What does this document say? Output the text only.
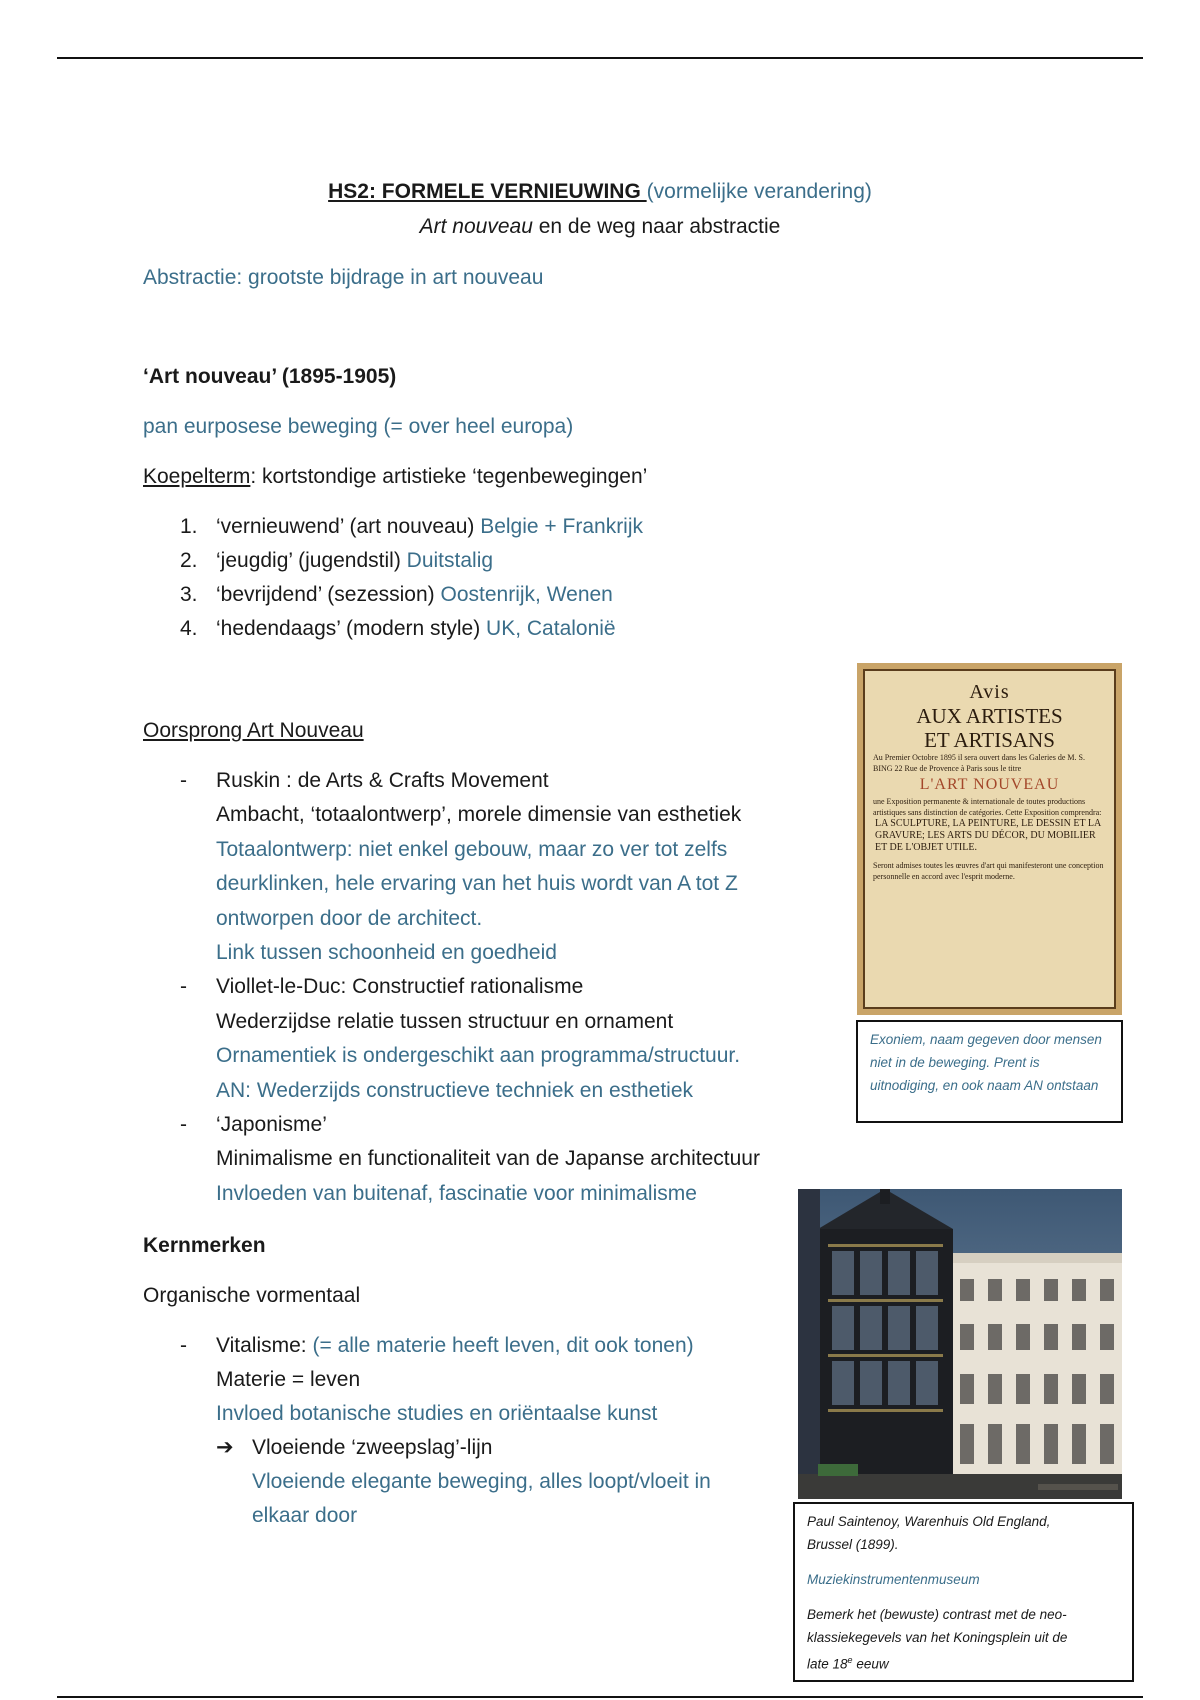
HS2: FORMELE VERNIEUWING (vormelijke verandering)
Art nouveau en de weg naar abstractie
Abstractie: grootste bijdrage in art nouveau
‘Art nouveau’ (1895-1905)
pan eurposese beweging (= over heel europa)
Koepelterm: kortstondige artistieke ‘tegenbewegingen’
1. ‘vernieuwend’ (art nouveau) Belgie + Frankrijk
2. ‘jeugdig’ (jugendstil) Duitstalig
3. ‘bevrijdend’ (sezession) Oostenrijk, Wenen
4. ‘hedendaags’ (modern style) UK, Catalonië
Oorsprong Art Nouveau
- Ruskin : de Arts & Crafts Movement
Ambacht, ‘totaalontwerp’, morele dimensie van esthetiek
Totaalontwerp: niet enkel gebouw, maar zo ver tot zelfs
deurklinken, hele ervaring van het huis wordt van A tot Z
ontworpen door de architect.
Link tussen schoonheid en goedheid
- Viollet-le-Duc: Constructief rationalisme
Wederzijdse relatie tussen structuur en ornament
Ornamentiek is ondergeschikt aan programma/structuur.
AN: Wederzijds constructieve techniek en esthetiek
- ‘Japonisme’
Minimalisme en functionaliteit van de Japanse architectuur
Invloeden van buitenaf, fascinatie voor minimalisme
Avis
AUX ARTISTES
ET ARTISANS
Au Premier Octobre 1895 il sera ouvert dans les Galeries de M. S. BING 22 Rue de Provence à Paris sous le titre
L'ART NOUVEAU
une Exposition permanente & internationale de toutes productions artistiques sans distinction de catégories. Cette Exposition comprendra:
LA SCULPTURE, LA PEINTURE, LE DESSIN ET LA GRAVURE; LES ARTS DU DÉCOR, DU MOBILIER ET DE L'OBJET UTILE.
Seront admises toutes les œuvres d'art qui manifesteront une conception personnelle en accord avec l'esprit moderne.
Exoniem, naam gegeven door mensen niet in de beweging. Prent is uitnodiging, en ook naam AN ontstaan
Kernmerken
Organische vormentaal
- Vitalisme: (= alle materie heeft leven, dit ook tonen)
Materie = leven
Invloed botanische studies en oriëntaalse kunst
➔ Vloeiende ‘zweepslag’-lijn
Vloeiende elegante beweging, alles loopt/vloeit in
elkaar door	Paul Saintenoy, Warenhuis Old England,
Brussel (1899).
Muziekinstrumentenmuseum
Bemerk het (bewuste) contrast met de neo-
klassiekegevels van het Koningsplein uit de
late 18e eeuw
